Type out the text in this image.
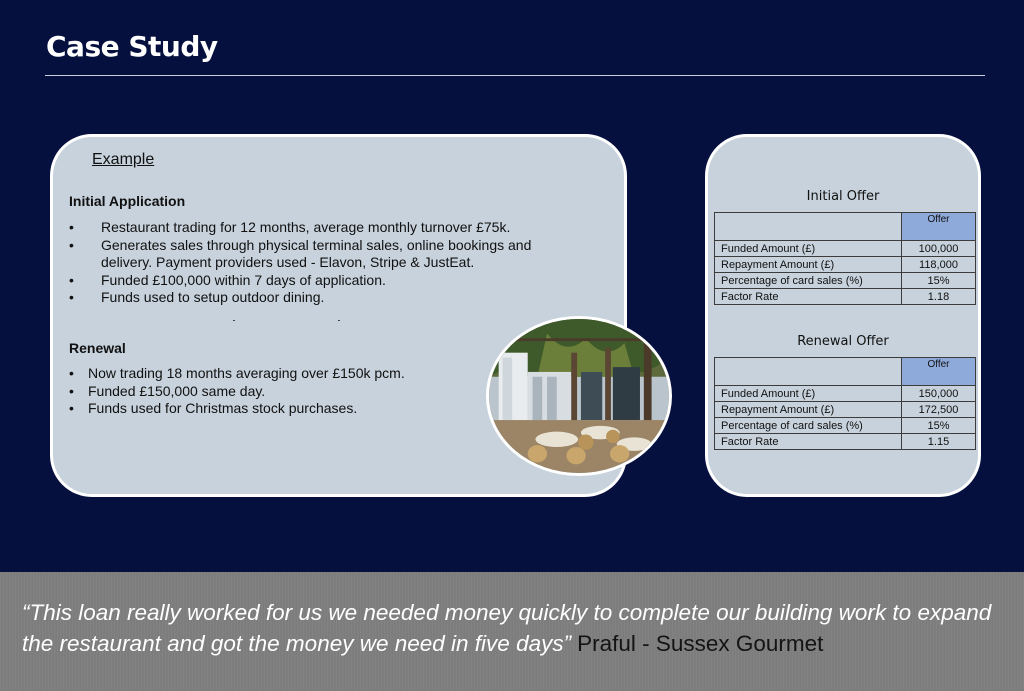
Case Study
Example
Initial Application
• Restaurant trading for 12 months, average monthly turnover £75k.
• Generates sales through physical terminal sales, online bookings and delivery. Payment providers used - Elavon, Stripe & JustEat.
• Funded £100,000 within 7 days of application.
• Funds used to setup outdoor dining.
Renewal
• Now trading 18 months averaging over £150k pcm.
• Funded £150,000 same day.
• Funds used for Christmas stock purchases.
Initial Offer
	Offer
Funded Amount (£)	100,000
Repayment Amount (£)	118,000
Percentage of card sales (%)	15%
Factor Rate	1.18
Renewal Offer
	Offer
Funded Amount (£)	150,000
Repayment Amount (£)	172,500
Percentage of card sales (%)	15%
Factor Rate	1.15
“This loan really worked for us we needed money quickly to complete our building work to expand the restaurant and got the money we need in five days” Praful - Sussex Gourmet
